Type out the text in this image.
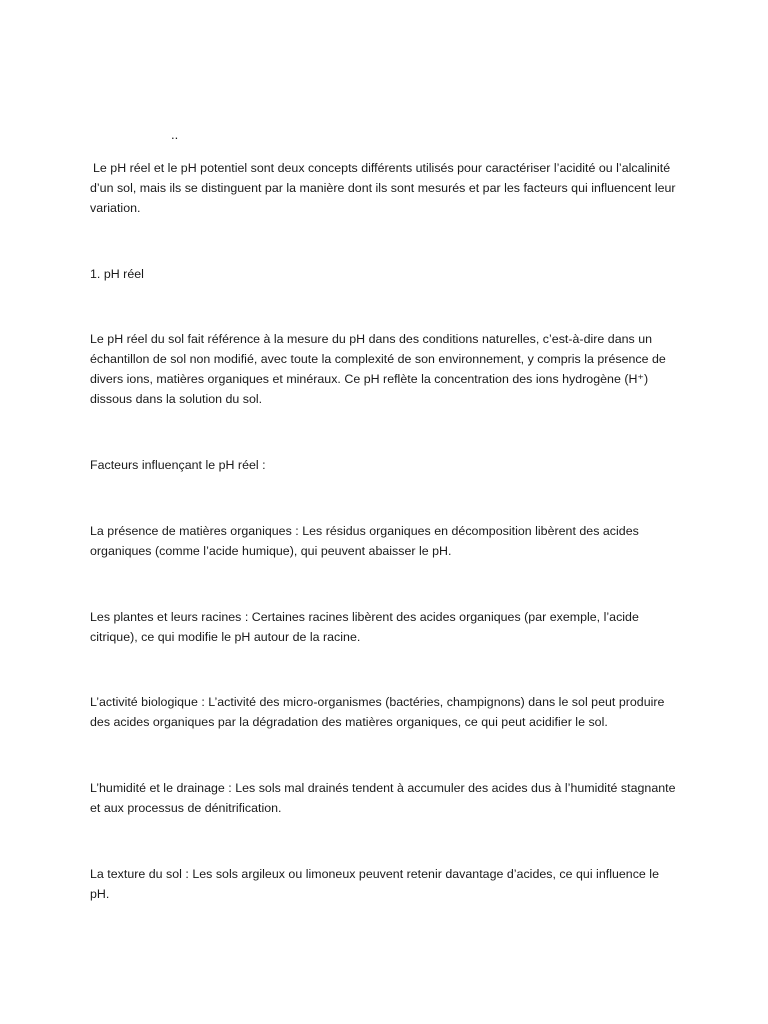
..

Le pH réel et le pH potentiel sont deux concepts différents utilisés pour caractériser l’acidité ou l’alcalinité d’un sol, mais ils se distinguent par la manière dont ils sont mesurés et par les facteurs qui influencent leur variation.

1. pH réel

Le pH réel du sol fait référence à la mesure du pH dans des conditions naturelles, c’est-à-dire dans un échantillon de sol non modifié, avec toute la complexité de son environnement, y compris la présence de divers ions, matières organiques et minéraux. Ce pH reflète la concentration des ions hydrogène (H⁺) dissous dans la solution du sol.

Facteurs influençant le pH réel :

La présence de matières organiques : Les résidus organiques en décomposition libèrent des acides organiques (comme l’acide humique), qui peuvent abaisser le pH.

Les plantes et leurs racines : Certaines racines libèrent des acides organiques (par exemple, l’acide citrique), ce qui modifie le pH autour de la racine.

L’activité biologique : L’activité des micro-organismes (bactéries, champignons) dans le sol peut produire des acides organiques par la dégradation des matières organiques, ce qui peut acidifier le sol.

L’humidité et le drainage : Les sols mal drainés tendent à accumuler des acides dus à l’humidité stagnante et aux processus de dénitrification.

La texture du sol : Les sols argileux ou limoneux peuvent retenir davantage d’acides, ce qui influence le pH.
